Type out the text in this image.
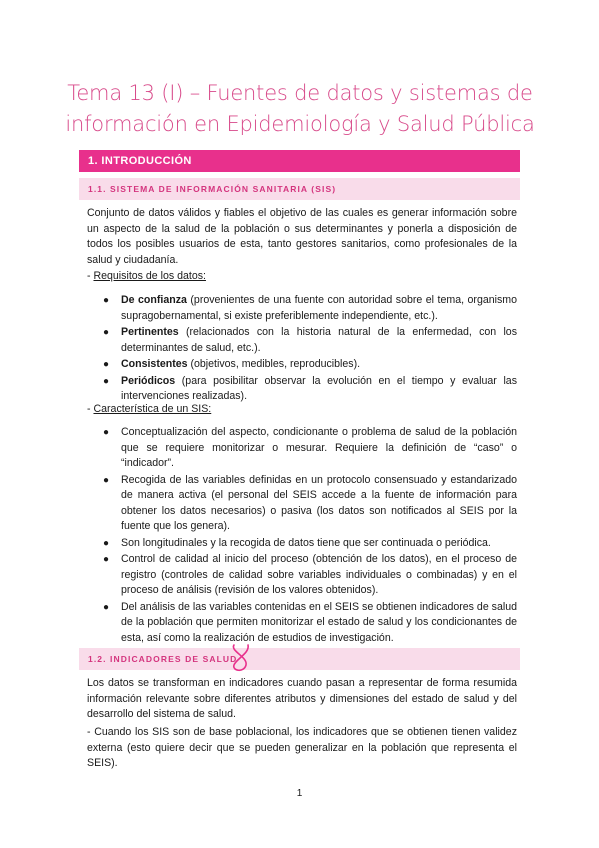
Tema 13 (I) – Fuentes de datos y sistemas de
información en Epidemiología y Salud Pública
1. INTRODUCCIÓN
1.1. SISTEMA DE INFORMACIÓN SANITARIA (SIS)

Conjunto de datos válidos y fiables el objetivo de las cuales es generar información sobre un aspecto de la salud de la población o sus determinantes y ponerla a disposición de todos los posibles usuarios de esta, tanto gestores sanitarios, como profesionales de la salud y ciudadanía.

- Requisitos de los datos:
● De confianza (provenientes de una fuente con autoridad sobre el tema, organismo supragobernamental, si existe preferiblemente independiente, etc.).
● Pertinentes (relacionados con la historia natural de la enfermedad, con los determinantes de salud, etc.).
● Consistentes (objetivos, medibles, reproducibles).
● Periódicos (para posibilitar observar la evolución en el tiempo y evaluar las intervenciones realizadas).
- Característica de un SIS:
● Conceptualización del aspecto, condicionante o problema de salud de la población que se requiere monitorizar o mesurar. Requiere la definición de “caso” o “indicador”.
● Recogida de las variables definidas en un protocolo consensuado y estandarizado de manera activa (el personal del SEIS accede a la fuente de información para obtener los datos necesarios) o pasiva (los datos son notificados al SEIS por la fuente que los genera).
● Son longitudinales y la recogida de datos tiene que ser continuada o periódica.
● Control de calidad al inicio del proceso (obtención de los datos), en el proceso de registro (controles de calidad sobre variables individuales o combinadas) y en el proceso de análisis (revisión de los valores obtenidos).
● Del análisis de las variables contenidas en el SEIS se obtienen indicadores de salud de la población que permiten monitorizar el estado de salud y los condicionantes de esta, así como la realización de estudios de investigación.
1.2. INDICADORES DE SALUD

Los datos se transforman en indicadores cuando pasan a representar de forma resumida información relevante sobre diferentes atributos y dimensiones del estado de salud y del desarrollo del sistema de salud.

- Cuando los SIS son de base poblacional, los indicadores que se obtienen tienen validez externa (esto quiere decir que se pueden generalizar en la población que representa el SEIS).

1
